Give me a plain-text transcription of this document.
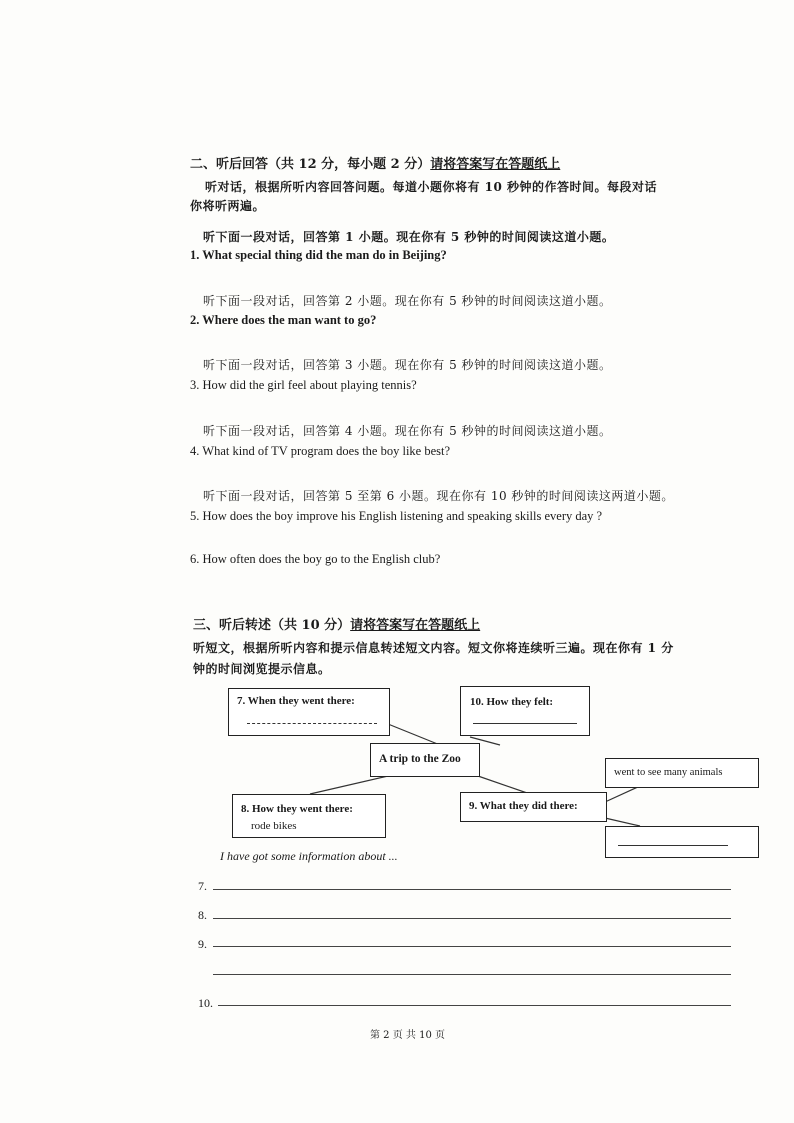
二、听后回答（共 12 分，每小题 2 分）请将答案写在答题纸上
听对话，根据所听内容回答问题。每道小题你将有 10 秒钟的作答时间。每段对话
你将听两遍。
听下面一段对话，回答第 1 小题。现在你有 5 秒钟的时间阅读这道小题。
1. What special thing did the man do in Beijing?
听下面一段对话，回答第 2 小题。现在你有 5 秒钟的时间阅读这道小题。
2. Where does the man want to go?
听下面一段对话，回答第 3 小题。现在你有 5 秒钟的时间阅读这道小题。
3. How did the girl feel about playing tennis?
听下面一段对话，回答第 4 小题。现在你有 5 秒钟的时间阅读这道小题。
4. What kind of TV program does the boy like best?
听下面一段对话，回答第 5 至第 6 小题。现在你有 10 秒钟的时间阅读这两道小题。
5. How does the boy improve his English listening and speaking skills every day ?
6. How often does the boy go to the English club?
三、听后转述（共 10 分）请将答案写在答题纸上
听短文，根据所听内容和提示信息转述短文内容。短文你将连续听三遍。现在你有 1 分
钟的时间浏览提示信息。
7. When they went there:	10. How they felt:
A trip to the Zoo
8. How they went there:
rode bikes
9. What they did there:
went to see many animals
I have got some information about ...
7.
8.
9.
10.
第 2 页 共 10 页
